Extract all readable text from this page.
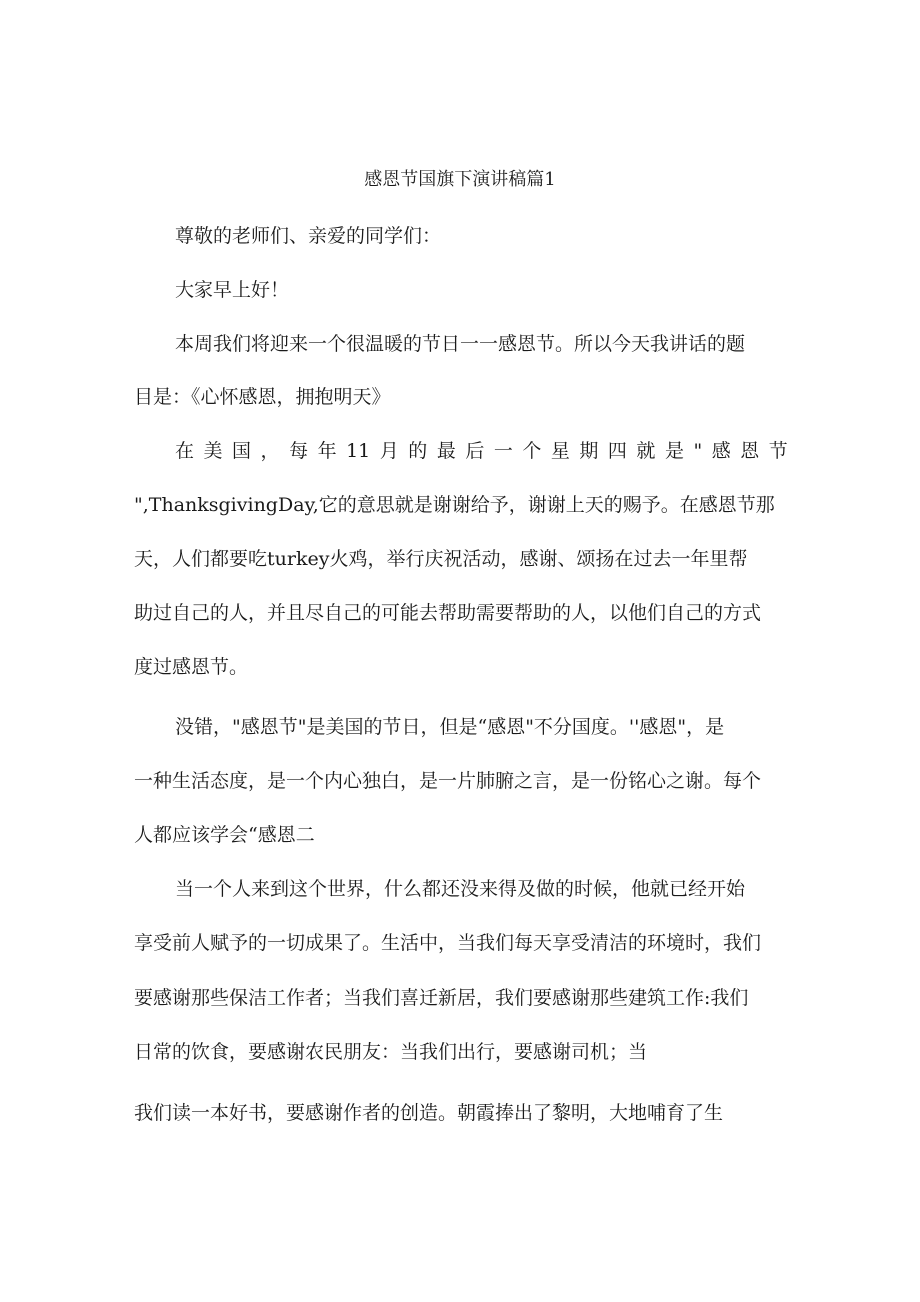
感恩节国旗下演讲稿篇1
尊敬的老师们、亲爱的同学们：
大家早上好！
本周我们将迎来一个很温暖的节日一一感恩节。所以今天我讲话的题
目是：《心怀感恩，拥抱明天》
在 美 国 ， 每 年 11 月 的 最 后 一 个 星 期 四 就 是 " 感 恩 节
",ThanksgivingDay,它的意思就是谢谢给予，谢谢上天的赐予。在感恩节那
天，人们都要吃turkey火鸡，举行庆祝活动，感谢、颂扬在过去一年里帮
助过自己的人，并且尽自己的可能去帮助需要帮助的人，以他们自己的方式
度过感恩节。
没错，"感恩节"是美国的节日，但是“感恩"不分国度。''感恩"，是
一种生活态度，是一个内心独白，是一片肺腑之言，是一份铭心之谢。每个
人都应该学会“感恩二
当一个人来到这个世界，什么都还没来得及做的时候，他就已经开始
享受前人赋予的一切成果了。生活中，当我们每天享受清洁的环境时，我们
要感谢那些保洁工作者；当我们喜迁新居，我们要感谢那些建筑工作:我们
日常的饮食，要感谢农民朋友：当我们出行，要感谢司机；当
我们读一本好书，要感谢作者的创造。朝霞捧出了黎明，大地哺育了生
